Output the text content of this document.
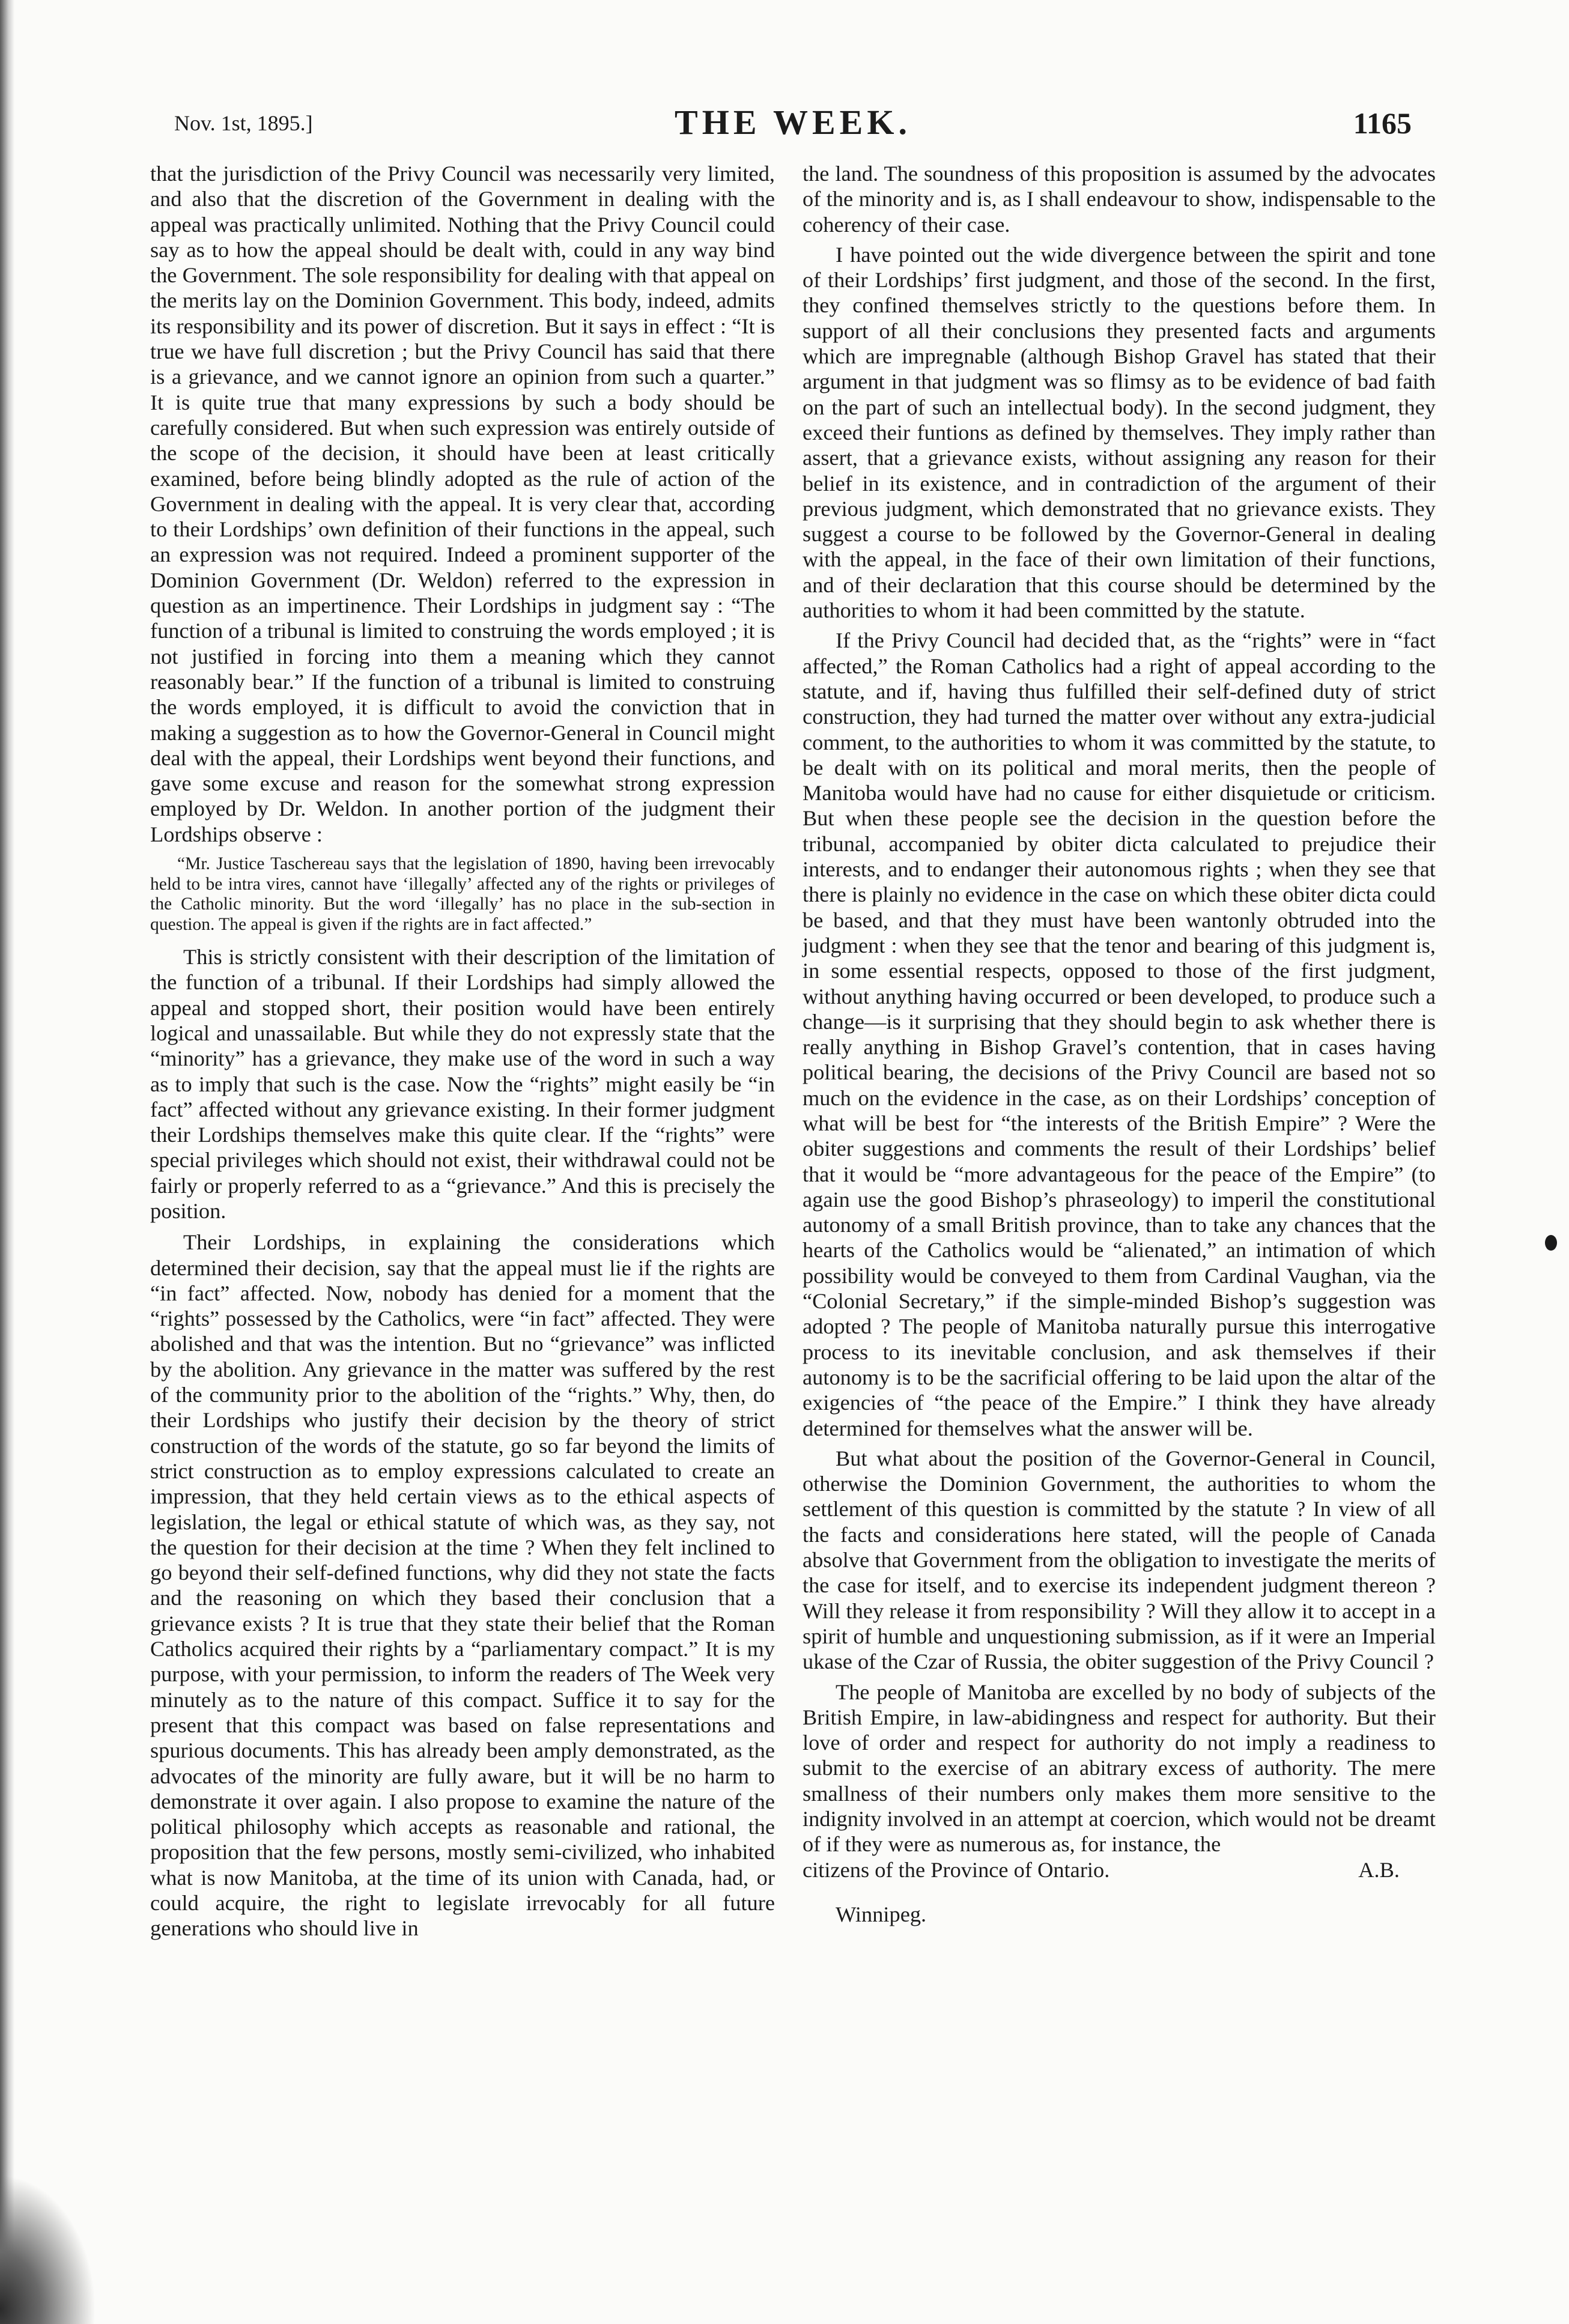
Nov. 1st, 1895.]	THE WEEK.	1165

that the jurisdiction of the Privy Council was necessarily very limited, and also that the discretion of the Government in dealing with the appeal was practically unlimited. Nothing that the Privy Council could say as to how the appeal should be dealt with, could in any way bind the Government. The sole responsibility for dealing with that appeal on the merits lay on the Dominion Government. This body, indeed, admits its responsibility and its power of discretion. But it says in effect : “It is true we have full discretion ; but the Privy Council has said that there is a grievance, and we cannot ignore an opinion from such a quarter.” It is quite true that many expressions by such a body should be carefully considered. But when such expression was entirely outside of the scope of the decision, it should have been at least critically examined, before being blindly adopted as the rule of action of the Government in dealing with the appeal. It is very clear that, according to their Lordships’ own definition of their functions in the appeal, such an expression was not required. Indeed a prominent supporter of the Dominion Government (Dr. Weldon) referred to the expression in question as an impertinence. Their Lordships in judgment say : “The function of a tribunal is limited to construing the words employed ; it is not justified in forcing into them a meaning which they cannot reasonably bear.” If the function of a tribunal is limited to construing the words employed, it is difficult to avoid the conviction that in making a suggestion as to how the Governor-General in Council might deal with the appeal, their Lordships went beyond their functions, and gave some excuse and reason for the somewhat strong expression employed by Dr. Weldon. In another portion of the judgment their Lordships observe :

“Mr. Justice Taschereau says that the legislation of 1890, having been irrevocably held to be intra vires, cannot have ‘illegally’ affected any of the rights or privileges of the Catholic minority. But the word ‘illegally’ has no place in the sub-section in question. The appeal is given if the rights are in fact affected.”

This is strictly consistent with their description of the limitation of the function of a tribunal. If their Lordships had simply allowed the appeal and stopped short, their position would have been entirely logical and unassailable. But while they do not expressly state that the “minority” has a grievance, they make use of the word in such a way as to imply that such is the case. Now the “rights” might easily be “in fact” affected without any grievance existing. In their former judgment their Lordships themselves make this quite clear. If the “rights” were special privileges which should not exist, their withdrawal could not be fairly or properly referred to as a “grievance.” And this is precisely the position.

Their Lordships, in explaining the considerations which determined their decision, say that the appeal must lie if the rights are “in fact” affected. Now, nobody has denied for a moment that the “rights” possessed by the Catholics, were “in fact” affected. They were abolished and that was the intention. But no “grievance” was inflicted by the abolition. Any grievance in the matter was suffered by the rest of the community prior to the abolition of the “rights.” Why, then, do their Lordships who justify their decision by the theory of strict construction of the words of the statute, go so far beyond the limits of strict construction as to employ expressions calculated to create an impression, that they held certain views as to the ethical aspects of legislation, the legal or ethical statute of which was, as they say, not the question for their decision at the time ? When they felt inclined to go beyond their self-defined functions, why did they not state the facts and the reasoning on which they based their conclusion that a grievance exists ? It is true that they state their belief that the Roman Catholics acquired their rights by a “parliamentary compact.” It is my purpose, with your permission, to inform the readers of The Week very minutely as to the nature of this compact. Suffice it to say for the present that this compact was based on false representations and spurious documents. This has already been amply demonstrated, as the advocates of the minority are fully aware, but it will be no harm to demonstrate it over again. I also propose to examine the nature of the political philosophy which accepts as reasonable and rational, the proposition that the few persons, mostly semi-civilized, who inhabited what is now Manitoba, at the time of its union with Canada, had, or could acquire, the right to legislate irrevocably for all future generations who should live in

the land. The soundness of this proposition is assumed by the advocates of the minority and is, as I shall endeavour to show, indispensable to the coherency of their case.

I have pointed out the wide divergence between the spirit and tone of their Lordships’ first judgment, and those of the second. In the first, they confined themselves strictly to the questions before them. In support of all their conclusions they presented facts and arguments which are impregnable (although Bishop Gravel has stated that their argument in that judgment was so flimsy as to be evidence of bad faith on the part of such an intellectual body). In the second judgment, they exceed their funtions as defined by themselves. They imply rather than assert, that a grievance exists, without assigning any reason for their belief in its existence, and in contradiction of the argument of their previous judgment, which demonstrated that no grievance exists. They suggest a course to be followed by the Governor-General in dealing with the appeal, in the face of their own limitation of their functions, and of their declaration that this course should be determined by the authorities to whom it had been committed by the statute.

If the Privy Council had decided that, as the “rights” were in “fact affected,” the Roman Catholics had a right of appeal according to the statute, and if, having thus fulfilled their self-defined duty of strict construction, they had turned the matter over without any extra-judicial comment, to the authorities to whom it was committed by the statute, to be dealt with on its political and moral merits, then the people of Manitoba would have had no cause for either disquietude or criticism. But when these people see the decision in the question before the tribunal, accompanied by obiter dicta calculated to prejudice their interests, and to endanger their autonomous rights ; when they see that there is plainly no evidence in the case on which these obiter dicta could be based, and that they must have been wantonly obtruded into the judgment : when they see that the tenor and bearing of this judgment is, in some essential respects, opposed to those of the first judgment, without anything having occurred or been developed, to produce such a change—is it surprising that they should begin to ask whether there is really anything in Bishop Gravel’s contention, that in cases having political bearing, the decisions of the Privy Council are based not so much on the evidence in the case, as on their Lordships’ conception of what will be best for “the interests of the British Empire” ? Were the obiter suggestions and comments the result of their Lordships’ belief that it would be “more advantageous for the peace of the Empire” (to again use the good Bishop’s phraseology) to imperil the constitutional autonomy of a small British province, than to take any chances that the hearts of the Catholics would be “alienated,” an intimation of which possibility would be conveyed to them from Cardinal Vaughan, via the “Colonial Secretary,” if the simple-minded Bishop’s suggestion was adopted ? The people of Manitoba naturally pursue this interrogative process to its inevitable conclusion, and ask themselves if their autonomy is to be the sacrificial offering to be laid upon the altar of the exigencies of “the peace of the Empire.” I think they have already determined for themselves what the answer will be.

But what about the position of the Governor-General in Council, otherwise the Dominion Government, the authorities to whom the settlement of this question is committed by the statute ? In view of all the facts and considerations here stated, will the people of Canada absolve that Government from the obligation to investigate the merits of the case for itself, and to exercise its independent judgment thereon ? Will they release it from responsibility ? Will they allow it to accept in a spirit of humble and unquestioning submission, as if it were an Imperial ukase of the Czar of Russia, the obiter suggestion of the Privy Council ?

The people of Manitoba are excelled by no body of subjects of the British Empire, in law-abidingness and respect for authority. But their love of order and respect for authority do not imply a readiness to submit to the exercise of an abitrary excess of authority. The mere smallness of their numbers only makes them more sensitive to the indignity involved in an attempt at coercion, which would not be dreamt of if they were as numerous as, for instance, the

citizens of the Province of Ontario.	A.B.
Winnipeg.
